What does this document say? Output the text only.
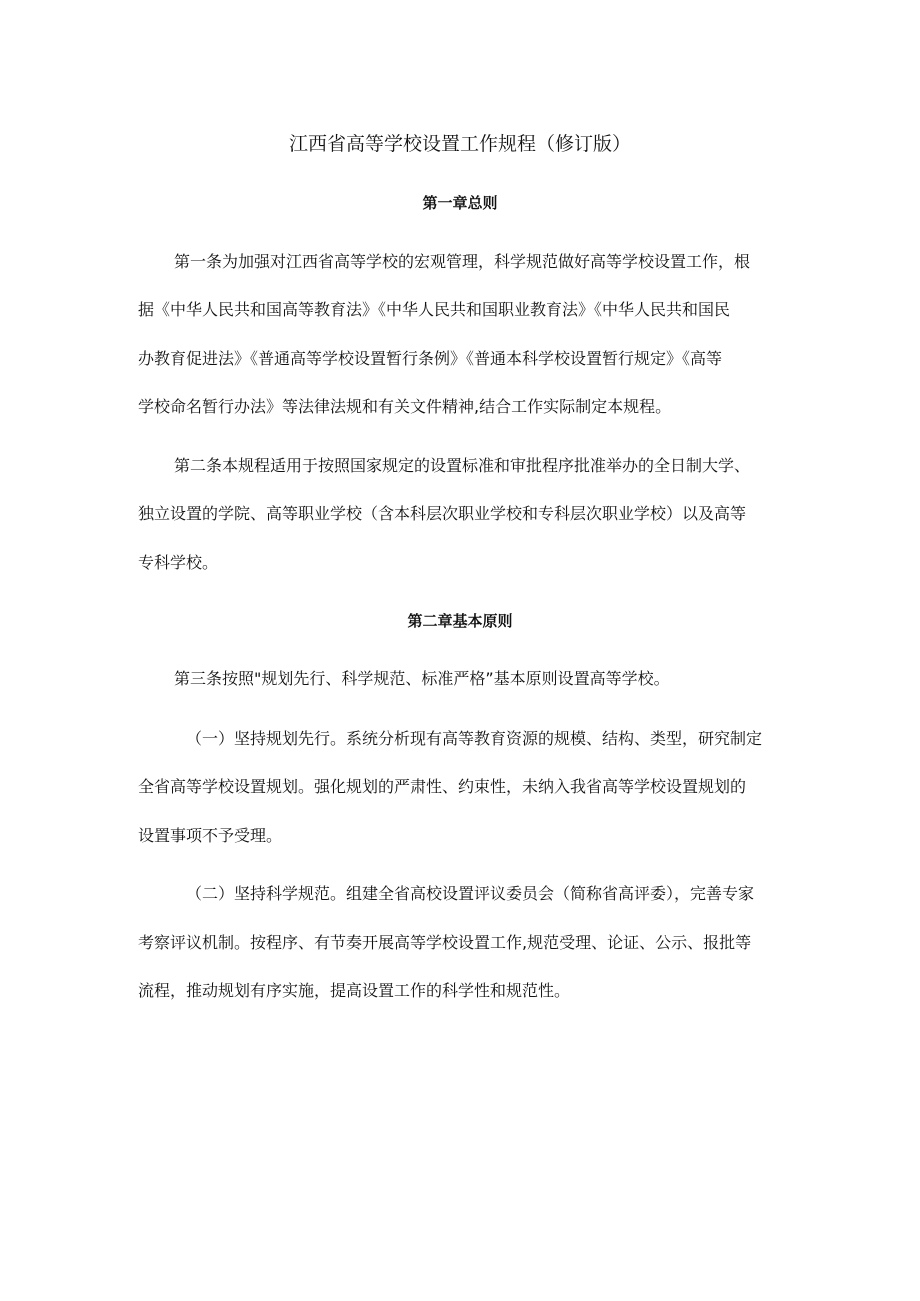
江西省高等学校设置工作规程（修订版）
第一章总则
第一条为加强对江西省高等学校的宏观管理，科学规范做好高等学校设置工作，根
据《中华人民共和国高等教育法》《中华人民共和国职业教育法》《中华人民共和国民
办教育促进法》《普通高等学校设置暂行条例》《普通本科学校设置暂行规定》《高等
学校命名暂行办法》等法律法规和有关文件精神,结合工作实际制定本规程。
第二条本规程适用于按照国家规定的设置标准和审批程序批准举办的全日制大学、
独立设置的学院、高等职业学校（含本科层次职业学校和专科层次职业学校）以及高等
专科学校。
第二章基本原则
第三条按照"规划先行、科学规范、标准严格”基本原则设置高等学校。
（一）坚持规划先行。系统分析现有高等教育资源的规模、结构、类型，研究制定
全省高等学校设置规划。强化规划的严肃性、约束性，未纳入我省高等学校设置规划的
设置事项不予受理。
（二）坚持科学规范。组建全省高校设置评议委员会（简称省高评委），完善专家
考察评议机制。按程序、有节奏开展高等学校设置工作,规范受理、论证、公示、报批等
流程，推动规划有序实施，提高设置工作的科学性和规范性。
